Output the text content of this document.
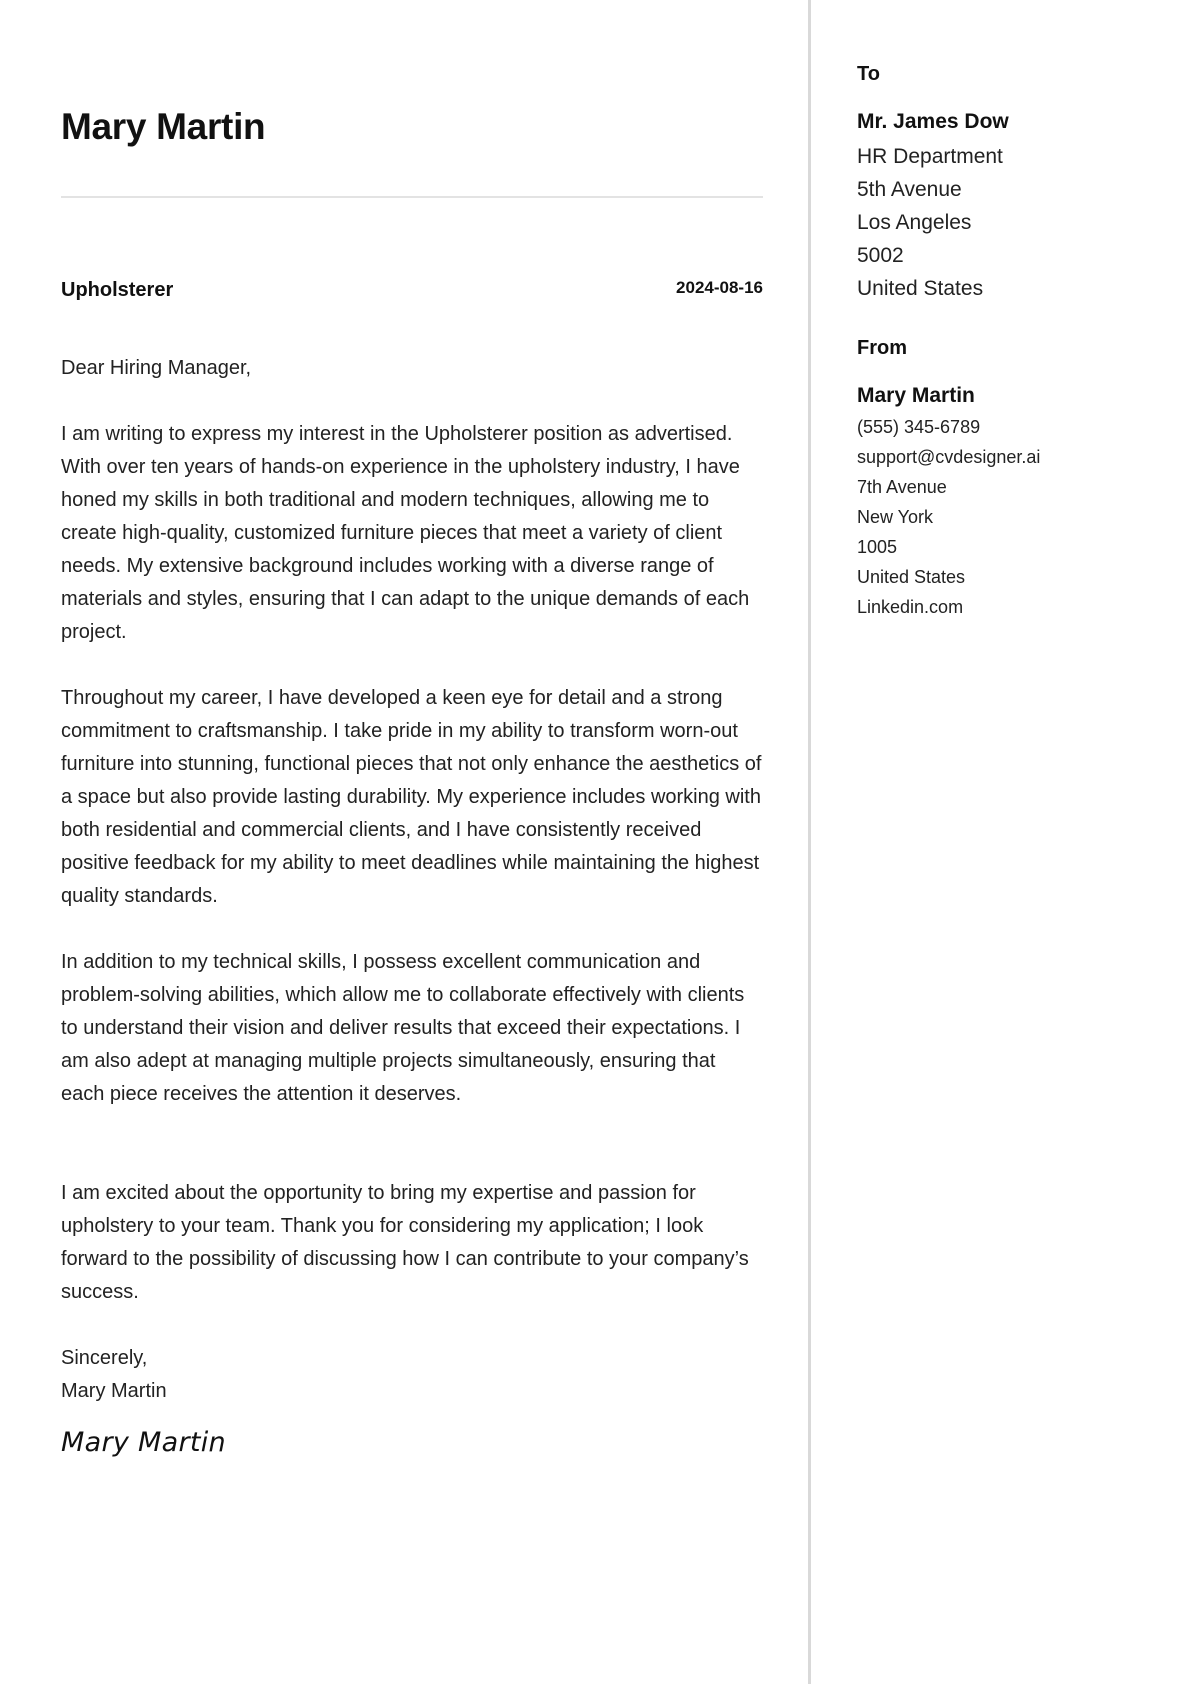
Mary Martin
Upholsterer	2024-08-16

Dear Hiring Manager,

I am writing to express my interest in the Upholsterer position as advertised. With over ten years of hands-on experience in the upholstery industry, I have honed my skills in both traditional and modern techniques, allowing me to create high-quality, customized furniture pieces that meet a variety of client needs. My extensive background includes working with a diverse range of materials and styles, ensuring that I can adapt to the unique demands of each project.

Throughout my career, I have developed a keen eye for detail and a strong commitment to craftsmanship. I take pride in my ability to transform worn-out furniture into stunning, functional pieces that not only enhance the aesthetics of a space but also provide lasting durability. My experience includes working with both residential and commercial clients, and I have consistently received positive feedback for my ability to meet deadlines while maintaining the highest quality standards.

In addition to my technical skills, I possess excellent communication and problem-solving abilities, which allow me to collaborate effectively with clients to understand their vision and deliver results that exceed their expectations. I am also adept at managing multiple projects simultaneously, ensuring that each piece receives the attention it deserves.

I am excited about the opportunity to bring my expertise and passion for upholstery to your team. Thank you for considering my application; I look forward to the possibility of discussing how I can contribute to your company’s success.

Sincerely,
Mary Martin
Mary Martin
To
Mr. James Dow
HR Department
5th Avenue
Los Angeles
5002
United States
From
Mary Martin
(555) 345-6789
support@cvdesigner.ai
7th Avenue
New York
1005
United States
Linkedin.com
